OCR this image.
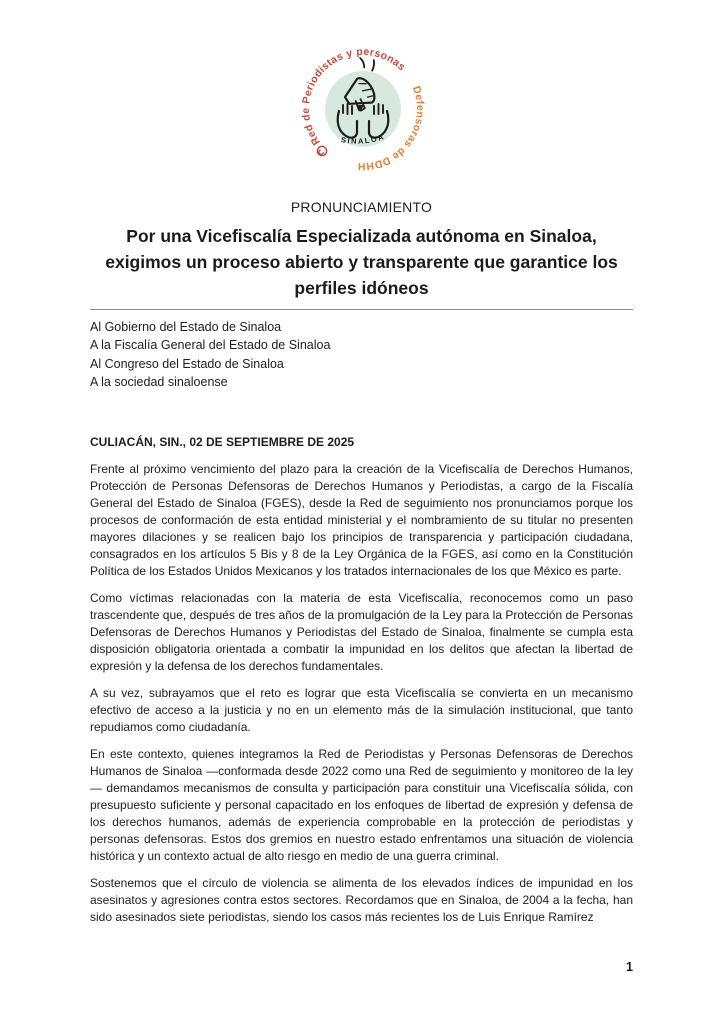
Red de Periodistas y personas
Defensoras de DDHH
SINALOA
PRONUNCIAMIENTO
Por una Vicefiscalía Especializada autónoma en Sinaloa, exigimos un proceso abierto y transparente que garantice los perfiles idóneos
Al Gobierno del Estado de Sinaloa
A la Fiscalía General del Estado de Sinaloa
Al Congreso del Estado de Sinaloa
A la sociedad sinaloense
CULIACÁN, SIN., 02 DE SEPTIEMBRE DE 2025

Frente al próximo vencimiento del plazo para la creación de la Vicefiscalía de Derechos Humanos, Protección de Personas Defensoras de Derechos Humanos y Periodistas, a cargo de la Fiscalía General del Estado de Sinaloa (FGES), desde la Red de seguimiento nos pronunciamos porque los procesos de conformación de esta entidad ministerial y el nombramiento de su titular no presenten mayores dilaciones y se realicen bajo los principios de transparencia y participación ciudadana, consagrados en los artículos 5 Bis y 8 de la Ley Orgánica de la FGES, así como en la Constitución Política de los Estados Unidos Mexicanos y los tratados internacionales de los que México es parte.

Como víctimas relacionadas con la materia de esta Vicefiscalía, reconocemos como un paso trascendente que, después de tres años de la promulgación de la Ley para la Protección de Personas Defensoras de Derechos Humanos y Periodistas del Estado de Sinaloa, finalmente se cumpla esta disposición obligatoria orientada a combatir la impunidad en los delitos que afectan la libertad de expresión y la defensa de los derechos fundamentales.

A su vez, subrayamos que el reto es lograr que esta Vicefiscalía se convierta en un mecanismo efectivo de acceso a la justicia y no en un elemento más de la simulación institucional, que tanto repudiamos como ciudadanía.

En este contexto, quienes integramos la Red de Periodistas y Personas Defensoras de Derechos Humanos de Sinaloa —conformada desde 2022 como una Red de seguimiento y monitoreo de la ley— demandamos mecanismos de consulta y participación para constituir una Vicefiscalía sólida, con presupuesto suficiente y personal capacitado en los enfoques de libertad de expresión y defensa de los derechos humanos, además de experiencia comprobable en la protección de periodistas y personas defensoras. Estos dos gremios en nuestro estado enfrentamos una situación de violencia histórica y un contexto actual de alto riesgo en medio de una guerra criminal.

Sostenemos que el círculo de violencia se alimenta de los elevados índices de impunidad en los asesinatos y agresiones contra estos sectores. Recordamos que en Sinaloa, de 2004 a la fecha, han sido asesinados siete periodistas, siendo los casos más recientes los de Luis Enrique Ramírez

1
